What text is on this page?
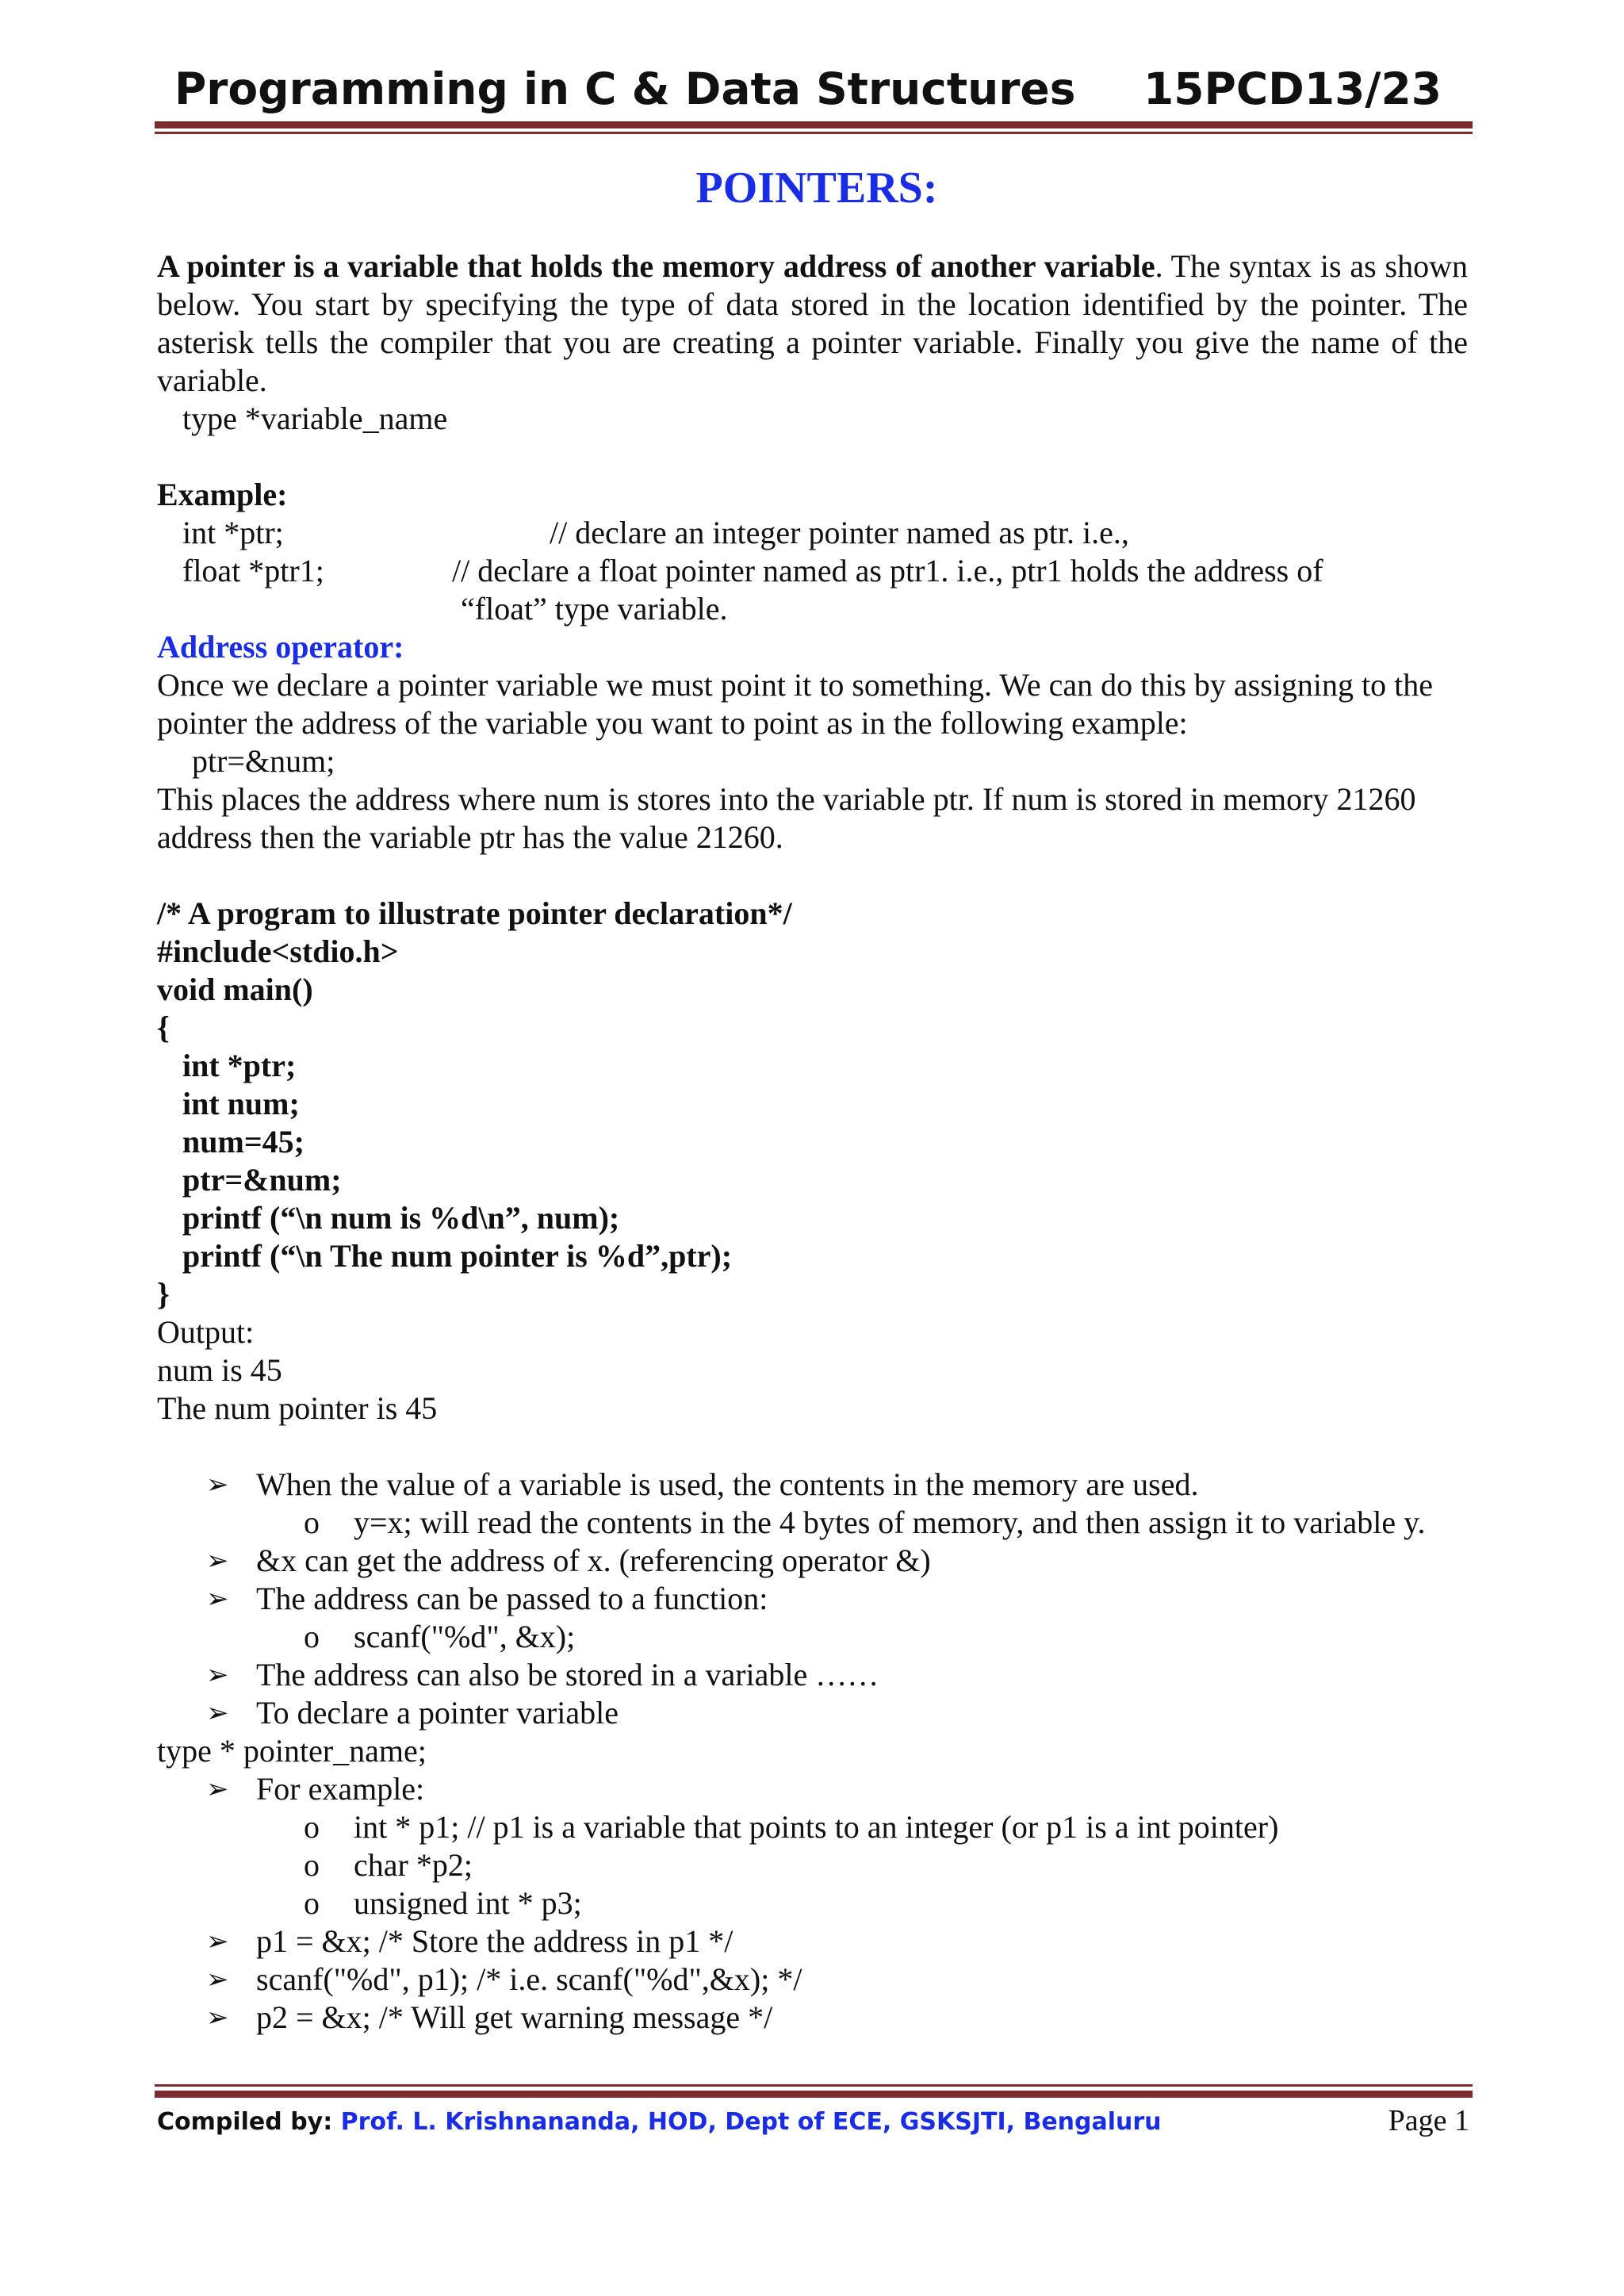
Programming in C & Data Structures 15PCD13/23
POINTERS:

A pointer is a variable that holds the memory address of another variable. The syntax is as shown below. You start by specifying the type of data stored in the location identified by the pointer. The asterisk tells the compiler that you are creating a pointer variable. Finally you give the name of the variable.

type *variable_name

Example:

int *ptr;	// declare an integer pointer named as ptr. i.e.,
float *ptr1;	// declare a float pointer named as ptr1. i.e., ptr1 holds the address of
“float” type variable.

Address operator:

Once we declare a pointer variable we must point it to something. We can do this by assigning to the pointer the address of the variable you want to point as in the following example:

ptr=&num;

This places the address where num is stores into the variable ptr. If num is stored in memory 21260 address then the variable ptr has the value 21260.

/* A program to illustrate pointer declaration*/

#include<stdio.h>

void main()

{

int *ptr;

int num;

num=45;

ptr=&num;

printf (“\n num is %d\n”, num);

printf (“\n The num pointer is %d”,ptr);

}

Output:

num is 45

The num pointer is 45

➢ When the value of a variable is used, the contents in the memory are used.
o y=x; will read the contents in the 4 bytes of memory, and then assign it to variable y.
➢ &x can get the address of x. (referencing operator &)
➢ The address can be passed to a function:
o scanf("%d", &x);
➢ The address can also be stored in a variable ……
➢ To declare a pointer variable

type * pointer_name;

➢ For example:
o int * p1; // p1 is a variable that points to an integer (or p1 is a int pointer)
o char *p2;
o unsigned int * p3;
➢ p1 = &x; /* Store the address in p1 */
➢ scanf("%d", p1); /* i.e. scanf("%d",&x); */
➢ p2 = &x; /* Will get warning message */
Compiled by: Prof. L. Krishnananda, HOD, Dept of ECE, GSKSJTI, Bengaluru	Page 1
